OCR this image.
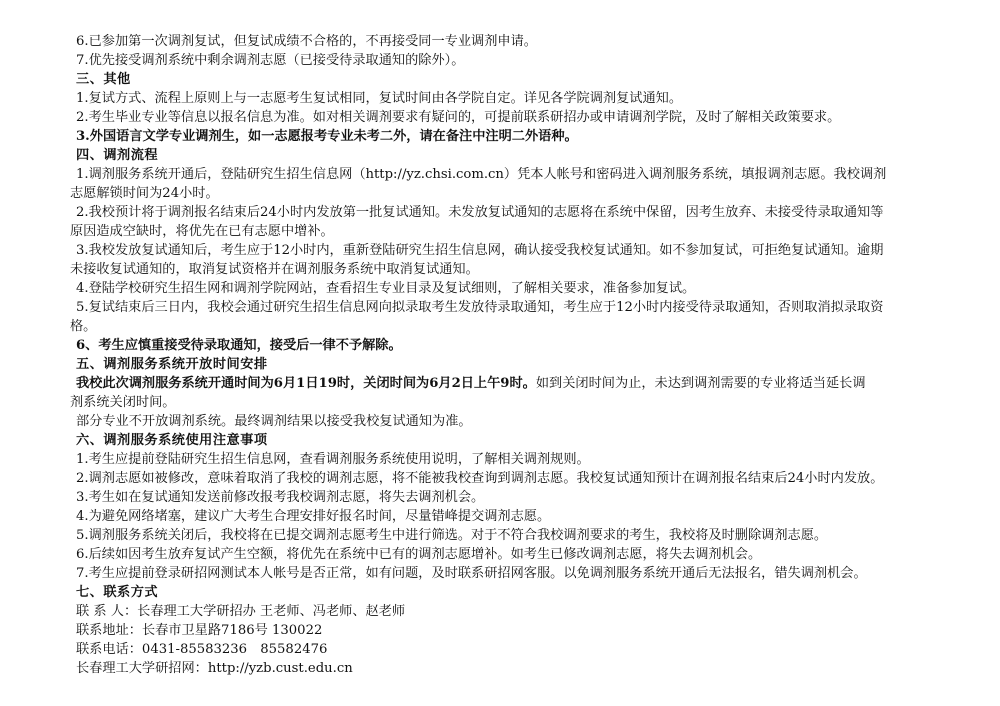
6.已参加第一次调剂复试，但复试成绩不合格的，不再接受同一专业调剂申请。
7.优先接受调剂系统中剩余调剂志愿（已接受待录取通知的除外）。
三、其他
1.复试方式、流程上原则上与一志愿考生复试相同，复试时间由各学院自定。详见各学院调剂复试通知。
2.考生毕业专业等信息以报名信息为准。如对相关调剂要求有疑问的，可提前联系研招办或申请调剂学院，及时了解相关政策要求。
3.外国语言文学专业调剂生，如一志愿报考专业未考二外，请在备注中注明二外语种。
四、调剂流程
1.调剂服务系统开通后，登陆研究生招生信息网（http://yz.chsi.com.cn）凭本人帐号和密码进入调剂服务系统，填报调剂志愿。我校调剂
志愿解锁时间为24小时。
2.我校预计将于调剂报名结束后24小时内发放第一批复试通知。未发放复试通知的志愿将在系统中保留，因考生放弃、未接受待录取通知等
原因造成空缺时，将优先在已有志愿中增补。
3.我校发放复试通知后，考生应于12小时内，重新登陆研究生招生信息网，确认接受我校复试通知。如不参加复试，可拒绝复试通知。逾期
未接收复试通知的，取消复试资格并在调剂服务系统中取消复试通知。
4.登陆学校研究生招生网和调剂学院网站，查看招生专业目录及复试细则，了解相关要求，准备参加复试。
5.复试结束后三日内，我校会通过研究生招生信息网向拟录取考生发放待录取通知，考生应于12小时内接受待录取通知，否则取消拟录取资
格。
6、考生应慎重接受待录取通知，接受后一律不予解除。
五、调剂服务系统开放时间安排
我校此次调剂服务系统开通时间为6月1日19时，关闭时间为6月2日上午9时。如到关闭时间为止，未达到调剂需要的专业将适当延长调
剂系统关闭时间。
部分专业不开放调剂系统。最终调剂结果以接受我校复试通知为准。
六、调剂服务系统使用注意事项
1.考生应提前登陆研究生招生信息网，查看调剂服务系统使用说明，了解相关调剂规则。
2.调剂志愿如被修改，意味着取消了我校的调剂志愿，将不能被我校查询到调剂志愿。我校复试通知预计在调剂报名结束后24小时内发放。
3.考生如在复试通知发送前修改报考我校调剂志愿，将失去调剂机会。
4.为避免网络堵塞，建议广大考生合理安排好报名时间，尽量错峰提交调剂志愿。
5.调剂服务系统关闭后，我校将在已提交调剂志愿考生中进行筛选。对于不符合我校调剂要求的考生，我校将及时删除调剂志愿。
6.后续如因考生放弃复试产生空额，将优先在系统中已有的调剂志愿增补。如考生已修改调剂志愿，将失去调剂机会。
7.考生应提前登录研招网测试本人帐号是否正常，如有问题，及时联系研招网客服。以免调剂服务系统开通后无法报名，错失调剂机会。
七、联系方式
联 系 人：长春理工大学研招办 王老师、冯老师、赵老师
联系地址：长春市卫星路7186号 130022
联系电话：0431-85583236　85582476
长春理工大学研招网：http://yzb.cust.edu.cn
